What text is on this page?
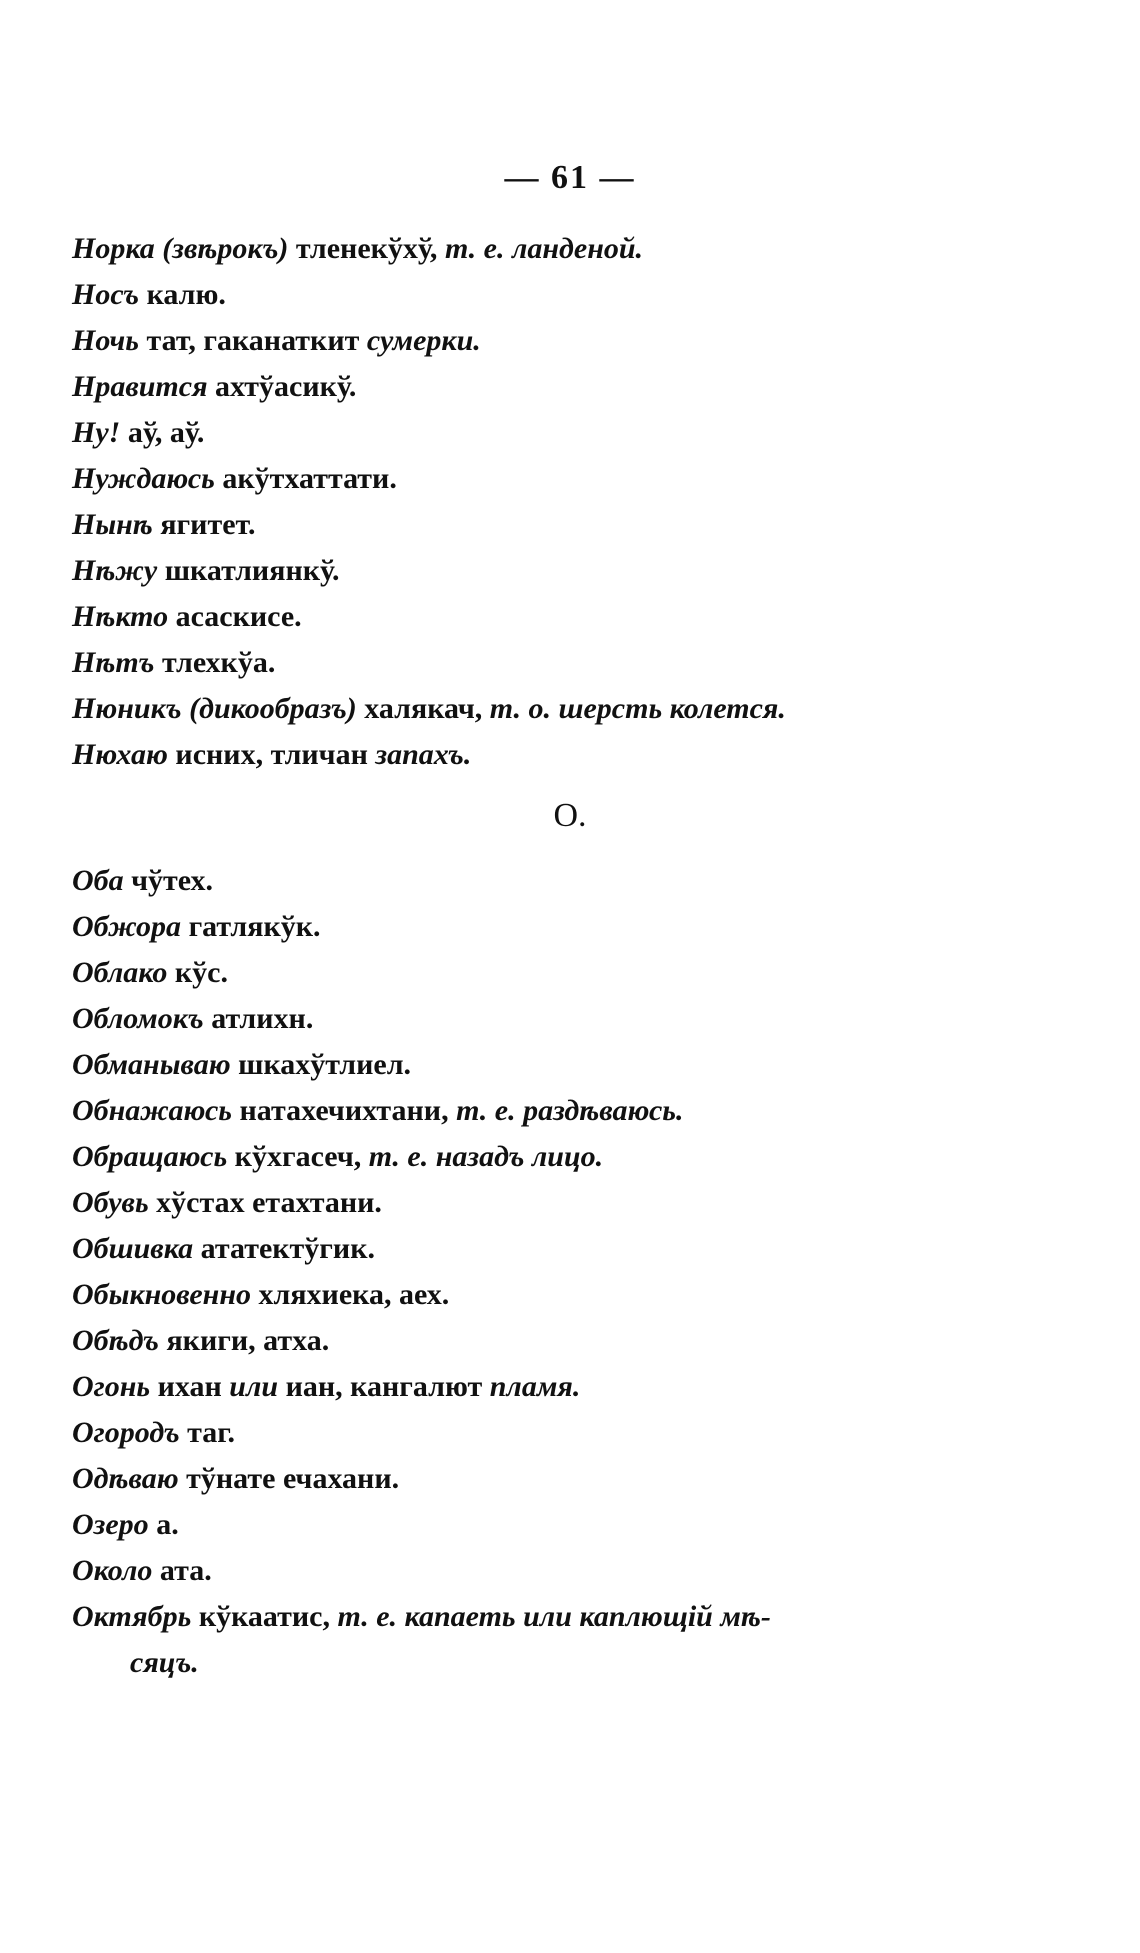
— 61 —
Норка (звѣрокъ) тленекўхў, т. е. ланденой.
Носъ калю.
Ночь тат, гаканаткит сумерки.
Нравится ахтўасикў.
Ну! аў, аў.
Нуждаюсь акўтхаттати.
Нынѣ ягитет.
Нѣжу шкатлиянкў.
Нѣкто асаскисе.
Нѣтъ тлехкўа.
Нюникъ (дикообразъ) халякач, т. о. шерсть колется.
Нюхаю исних, тличан запахъ.
О.
Оба чўтех.
Обжора гатлякўк.
Облако кўс.
Обломокъ атлихн.
Обманываю шкахўтлиел.
Обнажаюсь натахечихтани, т. е. раздѣваюсь.
Обращаюсь кўхгасеч, т. е. назадъ лицо.
Обувь хўстах етахтани.
Обшивка ататектўгик.
Обыкновенно хляхиека, аех.
Обѣдъ якиги, атха.
Огонь ихан или иан, кангалют пламя.
Огородъ таг.
Одѣваю тўнате ечахани.
Озеро а.
Около ата.
Октябрь кўкаатис, т. е. капаеть или каплющій мѣ-
сяцъ.
